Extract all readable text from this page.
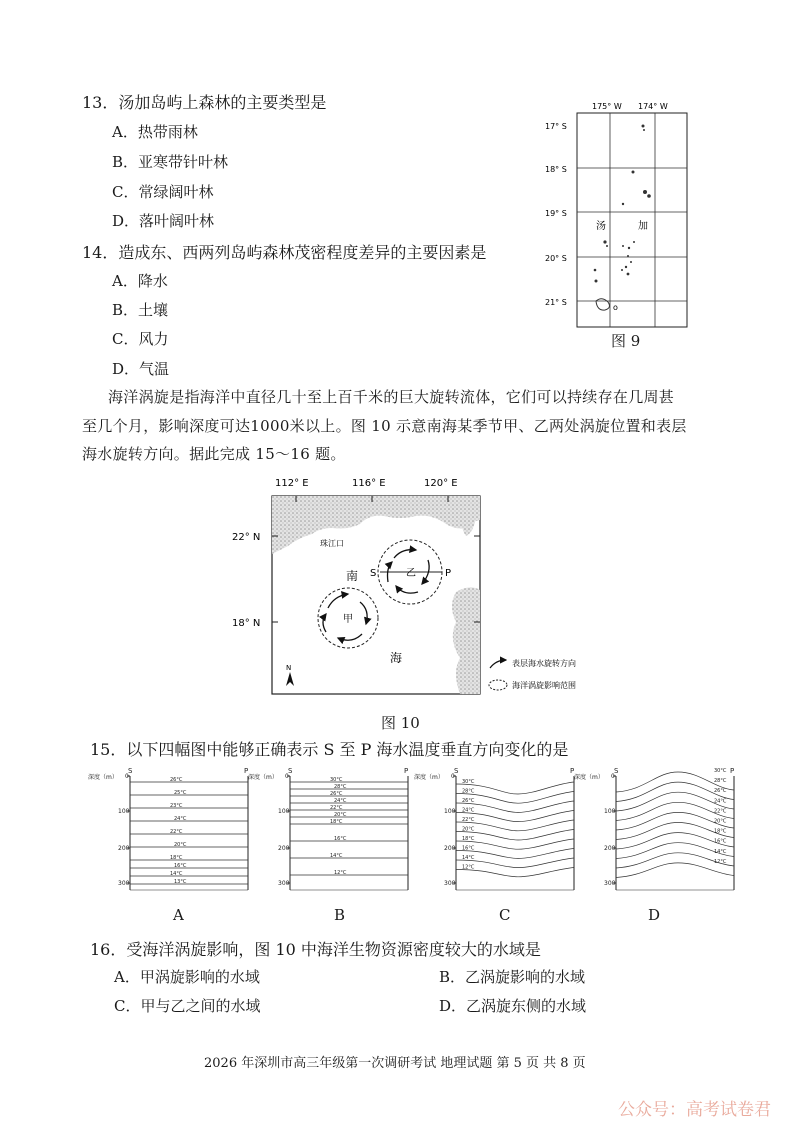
13．汤加岛屿上森林的主要类型是
A．热带雨林
B．亚寒带针叶林
C．常绿阔叶林
D．落叶阔叶林
14．造成东、西两列岛屿森林茂密程度差异的主要因素是
A．降水
B．土壤
C．风力
D．气温
175° W 174° W
17° S
18° S
19° S
20° S
21° S
o
汤	加
图 9
海洋涡旋是指海洋中直径几十至上百千米的巨大旋转流体，它们可以持续存在几周甚
至几个月，影响深度可达1000米以上。图 10 示意南海某季节甲、乙两处涡旋位置和表层
海水旋转方向。据此完成 15～16 题。
112° E	116° E	120° E
22° N
18° N
珠江口
南
海
乙
S	P
甲
N	表层海水旋转方向
海洋涡旋影响范围
图 10
15．以下四幅图中能够正确表示 S 至 P 海水温度垂直方向变化的是
深度（m）
S	P
0
100
200
300
26°C
25°C
23°C
24°C
22°C
20°C
18°C
16°C
14°C
13°C
深度（m）
S	P
0
100
200
300
30°C
28°C
26°C
24°C
22°C
20°C
18°C
16°C
14°C
12°C
深度（m）
S	P
0
100
200
300
30°C
28°C
26°C
24°C
22°C
20°C
18°C
16°C
14°C
12°C
深度（m）
S	P
0
100
200
300
30°C
28°C
26°C
24°C
22°C
20°C
18°C
16°C
14°C
12°C
A	B	C	D
16．受海洋涡旋影响，图 10 中海洋生物资源密度较大的水域是
A．甲涡旋影响的水域	B．乙涡旋影响的水域
C．甲与乙之间的水域	D．乙涡旋东侧的水域
2026 年深圳市高三年级第一次调研考试 地理试题 第 5 页 共 8 页
公众号：高考试卷君
